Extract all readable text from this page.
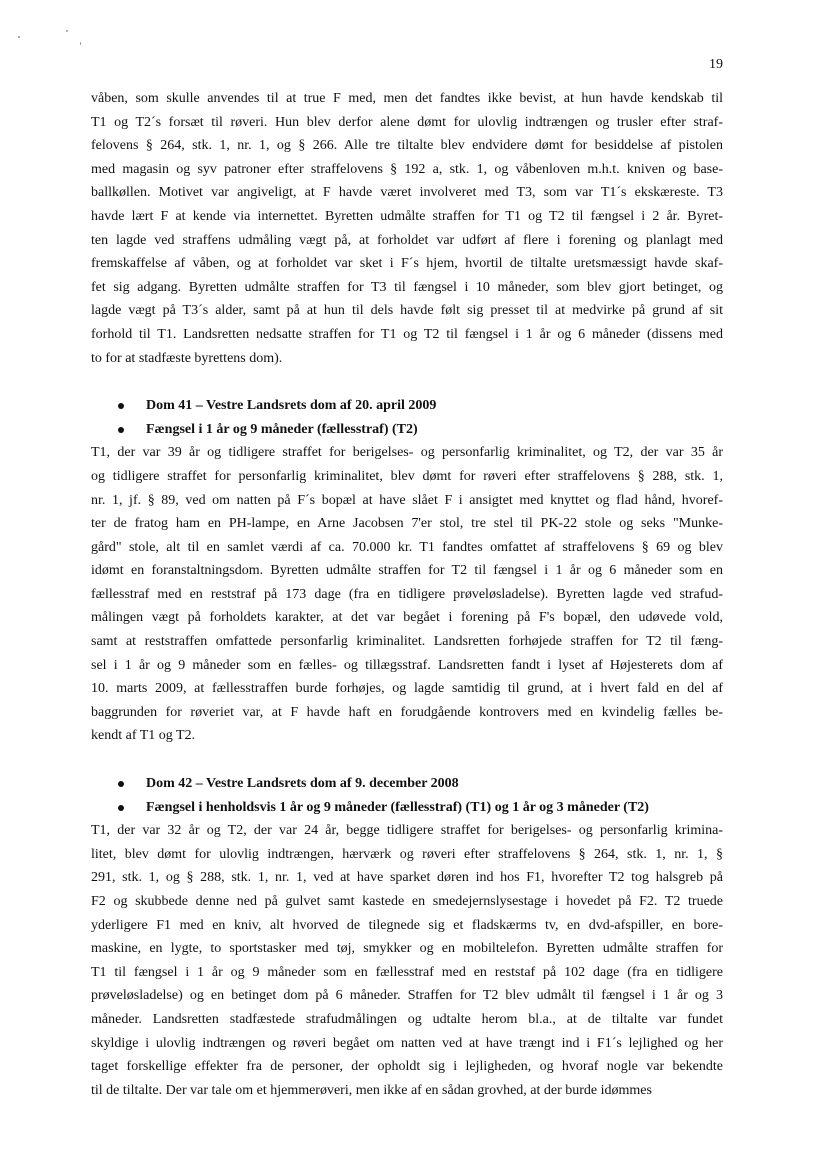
19
våben, som skulle anvendes til at true F med, men det fandtes ikke bevist, at hun havde kendskab til
T1 og T2´s forsæt til røveri. Hun blev derfor alene dømt for ulovlig indtrængen og trusler efter straf-
felovens § 264, stk. 1, nr. 1, og § 266. Alle tre tiltalte blev endvidere dømt for besiddelse af pistolen
med magasin og syv patroner efter straffelovens § 192 a, stk. 1, og våbenloven m.h.t. kniven og base-
ballkøllen. Motivet var angiveligt, at F havde været involveret med T3, som var T1´s ekskæreste. T3
havde lært F at kende via internettet. Byretten udmålte straffen for T1 og T2 til fængsel i 2 år. Byret-
ten lagde ved straffens udmåling vægt på, at forholdet var udført af flere i forening og planlagt med
fremskaffelse af våben, og at forholdet var sket i F´s hjem, hvortil de tiltalte uretsmæssigt havde skaf-
fet sig adgang. Byretten udmålte straffen for T3 til fængsel i 10 måneder, som blev gjort betinget, og
lagde vægt på T3´s alder, samt på at hun til dels havde følt sig presset til at medvirke på grund af sit
forhold til T1. Landsretten nedsatte straffen for T1 og T2 til fængsel i 1 år og 6 måneder (dissens med
to for at stadfæste byrettens dom).
Dom 41 – Vestre Landsrets dom af 20. april 2009
Fængsel i 1 år og 9 måneder (fællesstraf) (T2)
T1, der var 39 år og tidligere straffet for berigelses- og personfarlig kriminalitet, og T2, der var 35 år
og tidligere straffet for personfarlig kriminalitet, blev dømt for røveri efter straffelovens § 288, stk. 1,
nr. 1, jf. § 89, ved om natten på F´s bopæl at have slået F i ansigtet med knyttet og flad hånd, hvoref-
ter de fratog ham en PH-lampe, en Arne Jacobsen 7'er stol, tre stel til PK-22 stole og seks "Munke-
gård" stole, alt til en samlet værdi af ca. 70.000 kr. T1 fandtes omfattet af straffelovens § 69 og blev
idømt en foranstaltningsdom. Byretten udmålte straffen for T2 til fængsel i 1 år og 6 måneder som en
fællesstraf med en reststraf på 173 dage (fra en tidligere prøveløsladelse). Byretten lagde ved strafud-
målingen vægt på forholdets karakter, at det var begået i forening på F's bopæl, den udøvede vold,
samt at reststraffen omfattede personfarlig kriminalitet. Landsretten forhøjede straffen for T2 til fæng-
sel i 1 år og 9 måneder som en fælles- og tillægsstraf. Landsretten fandt i lyset af Højesterets dom af
10. marts 2009, at fællesstraffen burde forhøjes, og lagde samtidig til grund, at i hvert fald en del af
baggrunden for røveriet var, at F havde haft en forudgående kontrovers med en kvindelig fælles be-
kendt af T1 og T2.
Dom 42 – Vestre Landsrets dom af 9. december 2008
Fængsel i henholdsvis 1 år og 9 måneder (fællesstraf) (T1) og 1 år og 3 måneder (T2)
T1, der var 32 år og T2, der var 24 år, begge tidligere straffet for berigelses- og personfarlig krimina-
litet, blev dømt for ulovlig indtrængen, hærværk og røveri efter straffelovens § 264, stk. 1, nr. 1, §
291, stk. 1, og § 288, stk. 1, nr. 1, ved at have sparket døren ind hos F1, hvorefter T2 tog halsgreb på
F2 og skubbede denne ned på gulvet samt kastede en smedejernslysestage i hovedet på F2. T2 truede
yderligere F1 med en kniv, alt hvorved de tilegnede sig et fladskærms tv, en dvd-afspiller, en bore-
maskine, en lygte, to sportstasker med tøj, smykker og en mobiltelefon. Byretten udmålte straffen for
T1 til fængsel i 1 år og 9 måneder som en fællesstraf med en reststaf på 102 dage (fra en tidligere
prøveløsladelse) og en betinget dom på 6 måneder. Straffen for T2 blev udmålt til fængsel i 1 år og 3
måneder. Landsretten stadfæstede strafudmålingen og udtalte herom bl.a., at de tiltalte var fundet
skyldige i ulovlig indtrængen og røveri begået om natten ved at have trængt ind i F1´s lejlighed og her
taget forskellige effekter fra de personer, der opholdt sig i lejligheden, og hvoraf nogle var bekendte
til de tiltalte. Der var tale om et hjemmerøveri, men ikke af en sådan grovhed, at der burde idømmes
